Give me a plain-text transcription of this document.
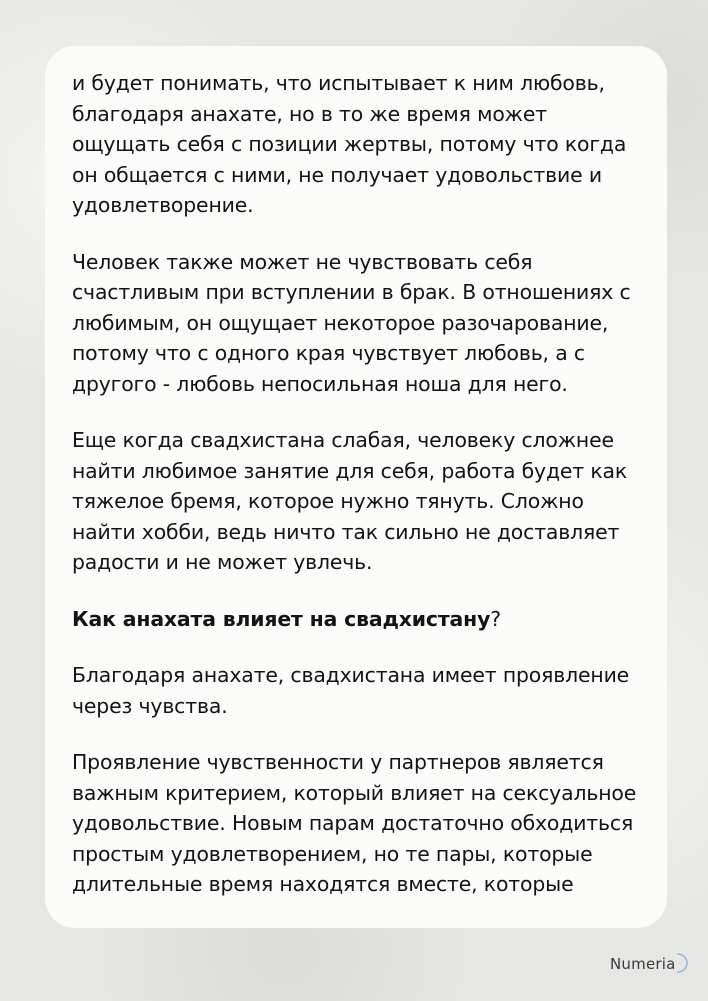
и будет понимать, что испытывает к ним любовь, благодаря анахате, но в то же время может ощущать себя с позиции жертвы, потому что когда он общается с ними, не получает удовольствие и удовлетворение.

Человек также может не чувствовать себя счастливым при вступлении в брак. В отношениях с любимым, он ощущает некоторое разочарование, потому что с одного края чувствует любовь, а с другого - любовь непосильная ноша для него.

Еще когда свадхистана слабая, человеку сложнее найти любимое занятие для себя, работа будет как тяжелое бремя, которое нужно тянуть. Сложно найти хобби, ведь ничто так сильно не доставляет радости и не может увлечь.

Как анахата влияет на свадхистану?

Благодаря анахате, свадхистана имеет проявление через чувства.

Проявление чувственности у партнеров является важным критерием, который влияет на сексуальное удовольствие. Новым парам достаточно обходиться простым удовлетворением, но те пары, которые длительные время находятся вместе, которые

Numeria
